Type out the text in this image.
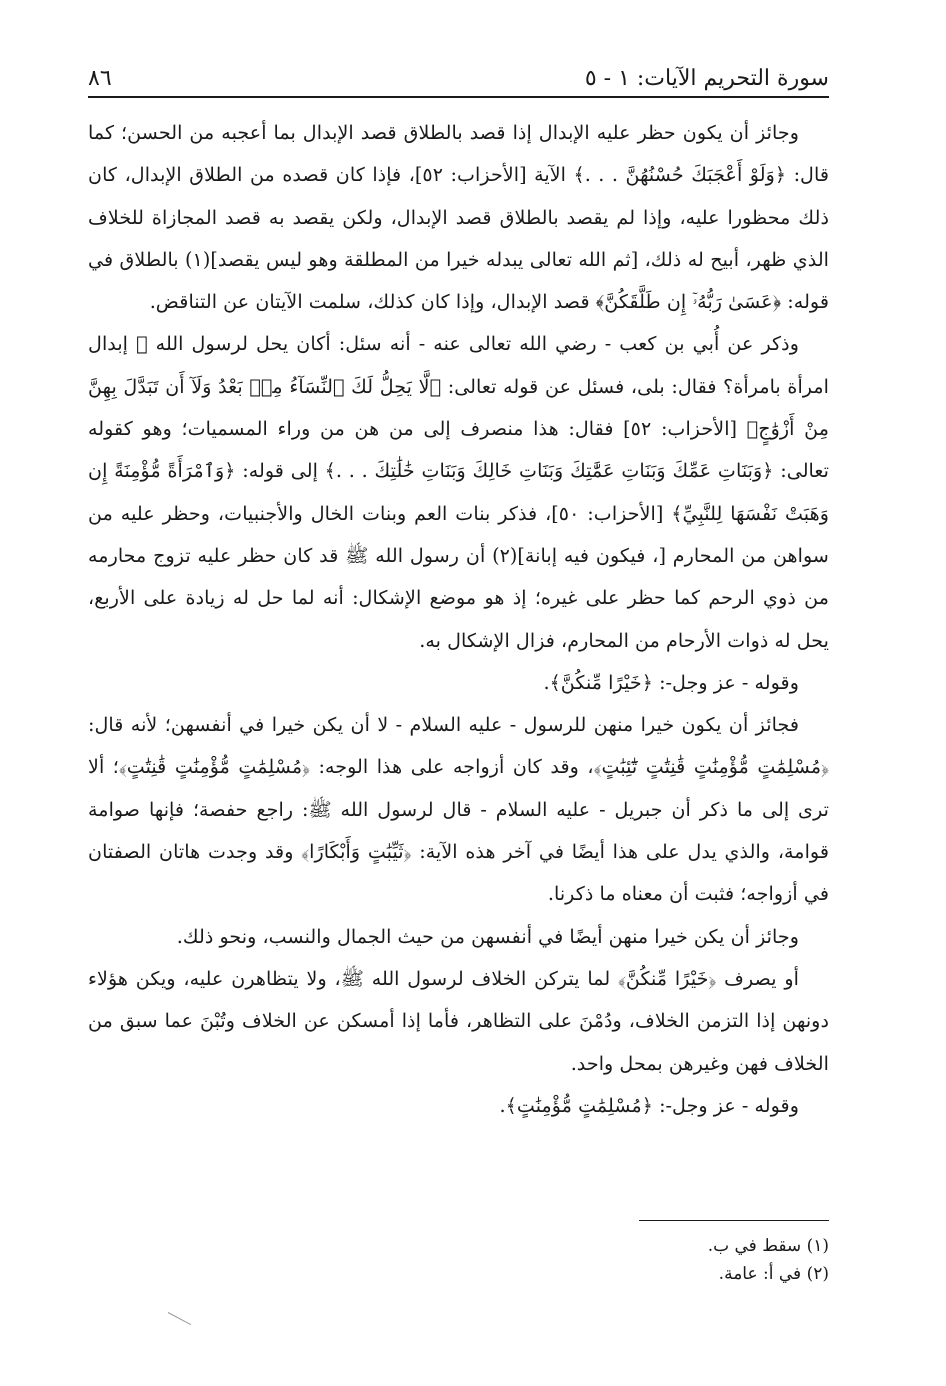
سورة التحريم الآيات: ١ - ٥
٨٦

وجائز أن يكون حظر عليه الإبدال إذا قصد بالطلاق قصد الإبدال بما أعجبه من الحسن؛ كما قال: ﴿وَلَوْ أَعْجَبَكَ حُسْنُهُنَّ . . .﴾ الآية [الأحزاب: ٥٢]، فإذا كان قصده من الطلاق الإبدال، كان ذلك محظورا عليه، وإذا لم يقصد بالطلاق قصد الإبدال، ولكن يقصد به قصد المجازاة للخلاف الذي ظهر، أبيح له ذلك، [ثم الله تعالى يبدله خيرا من المطلقة وهو ليس يقصد](١) بالطلاق في قوله: ﴿عَسَىٰ رَبُّهُۥٓ إِن طَلَّقَكُنَّ﴾ قصد الإبدال، وإذا كان كذلك، سلمت الآيتان عن التناقض.

وذكر عن أُبي بن كعب - رضي الله تعالى عنه - أنه سئل: أكان يحل لرسول الله ﷺ إبدال امرأة بامرأة؟ فقال: بلى، فسئل عن قوله تعالى: ﴿لَّا يَحِلُّ لَكَ ٱلنِّسَآءُ مِنۢ بَعْدُ وَلَآ أَن تَبَدَّلَ بِهِنَّ مِنْ أَزْوَٰجٍ﴾ [الأحزاب: ٥٢] فقال: هذا منصرف إلى من هن من وراء المسميات؛ وهو كقوله تعالى: ﴿وَبَنَاتِ عَمِّكَ وَبَنَاتِ عَمَّٰتِكَ وَبَنَاتِ خَالِكَ وَبَنَاتِ خَٰلَٰتِكَ . . .﴾ إلى قوله: ﴿وَٱمْرَأَةً مُّؤْمِنَةً إِن وَهَبَتْ نَفْسَهَا لِلنَّبِيِّ﴾ [الأحزاب: ٥٠]، فذكر بنات العم وبنات الخال والأجنبيات، وحظر عليه من سواهن من المحارم [، فيكون فيه إبانة](٢) أن رسول الله ﷺ قد كان حظر عليه تزوج محارمه من ذوي الرحم كما حظر على غيره؛ إذ هو موضع الإشكال: أنه لما حل له زيادة على الأربع، يحل له ذوات الأرحام من المحارم، فزال الإشكال به.

وقوله - عز وجل-: ﴿خَيْرًا مِّنكُنَّ﴾.

فجائز أن يكون خيرا منهن للرسول - عليه السلام - لا أن يكن خيرا في أنفسهن؛ لأنه قال: ﴿مُسْلِمَٰتٍ مُّؤْمِنَٰتٍ قَٰنِتَٰتٍ تَٰٓئِبَٰتٍ﴾، وقد كان أزواجه على هذا الوجه: ﴿مُسْلِمَٰتٍ مُّؤْمِنَٰتٍ قَٰنِتَٰتٍ﴾؛ ألا ترى إلى ما ذكر أن جبريل - عليه السلام - قال لرسول الله ﷺ: راجع حفصة؛ فإنها صوامة قوامة، والذي يدل على هذا أيضًا في آخر هذه الآية: ﴿ثَيِّبَٰتٍ وَأَبْكَارًا﴾ وقد وجدت هاتان الصفتان في أزواجه؛ فثبت أن معناه ما ذكرنا.

وجائز أن يكن خيرا منهن أيضًا في أنفسهن من حيث الجمال والنسب، ونحو ذلك.

أو يصرف ﴿خَيْرًا مِّنكُنَّ﴾ لما يتركن الخلاف لرسول الله ﷺ، ولا يتظاهرن عليه، ويكن هؤلاء دونهن إذا التزمن الخلاف، ودُمْنَ على التظاهر، فأما إذا أمسكن عن الخلاف وتُبْنَ عما سبق من الخلاف فهن وغيرهن بمحل واحد.

وقوله - عز وجل-: ﴿مُسْلِمَٰتٍ مُّؤْمِنَٰتٍ﴾.

(١) سقط في ب.
(٢) في أ: عامة.
